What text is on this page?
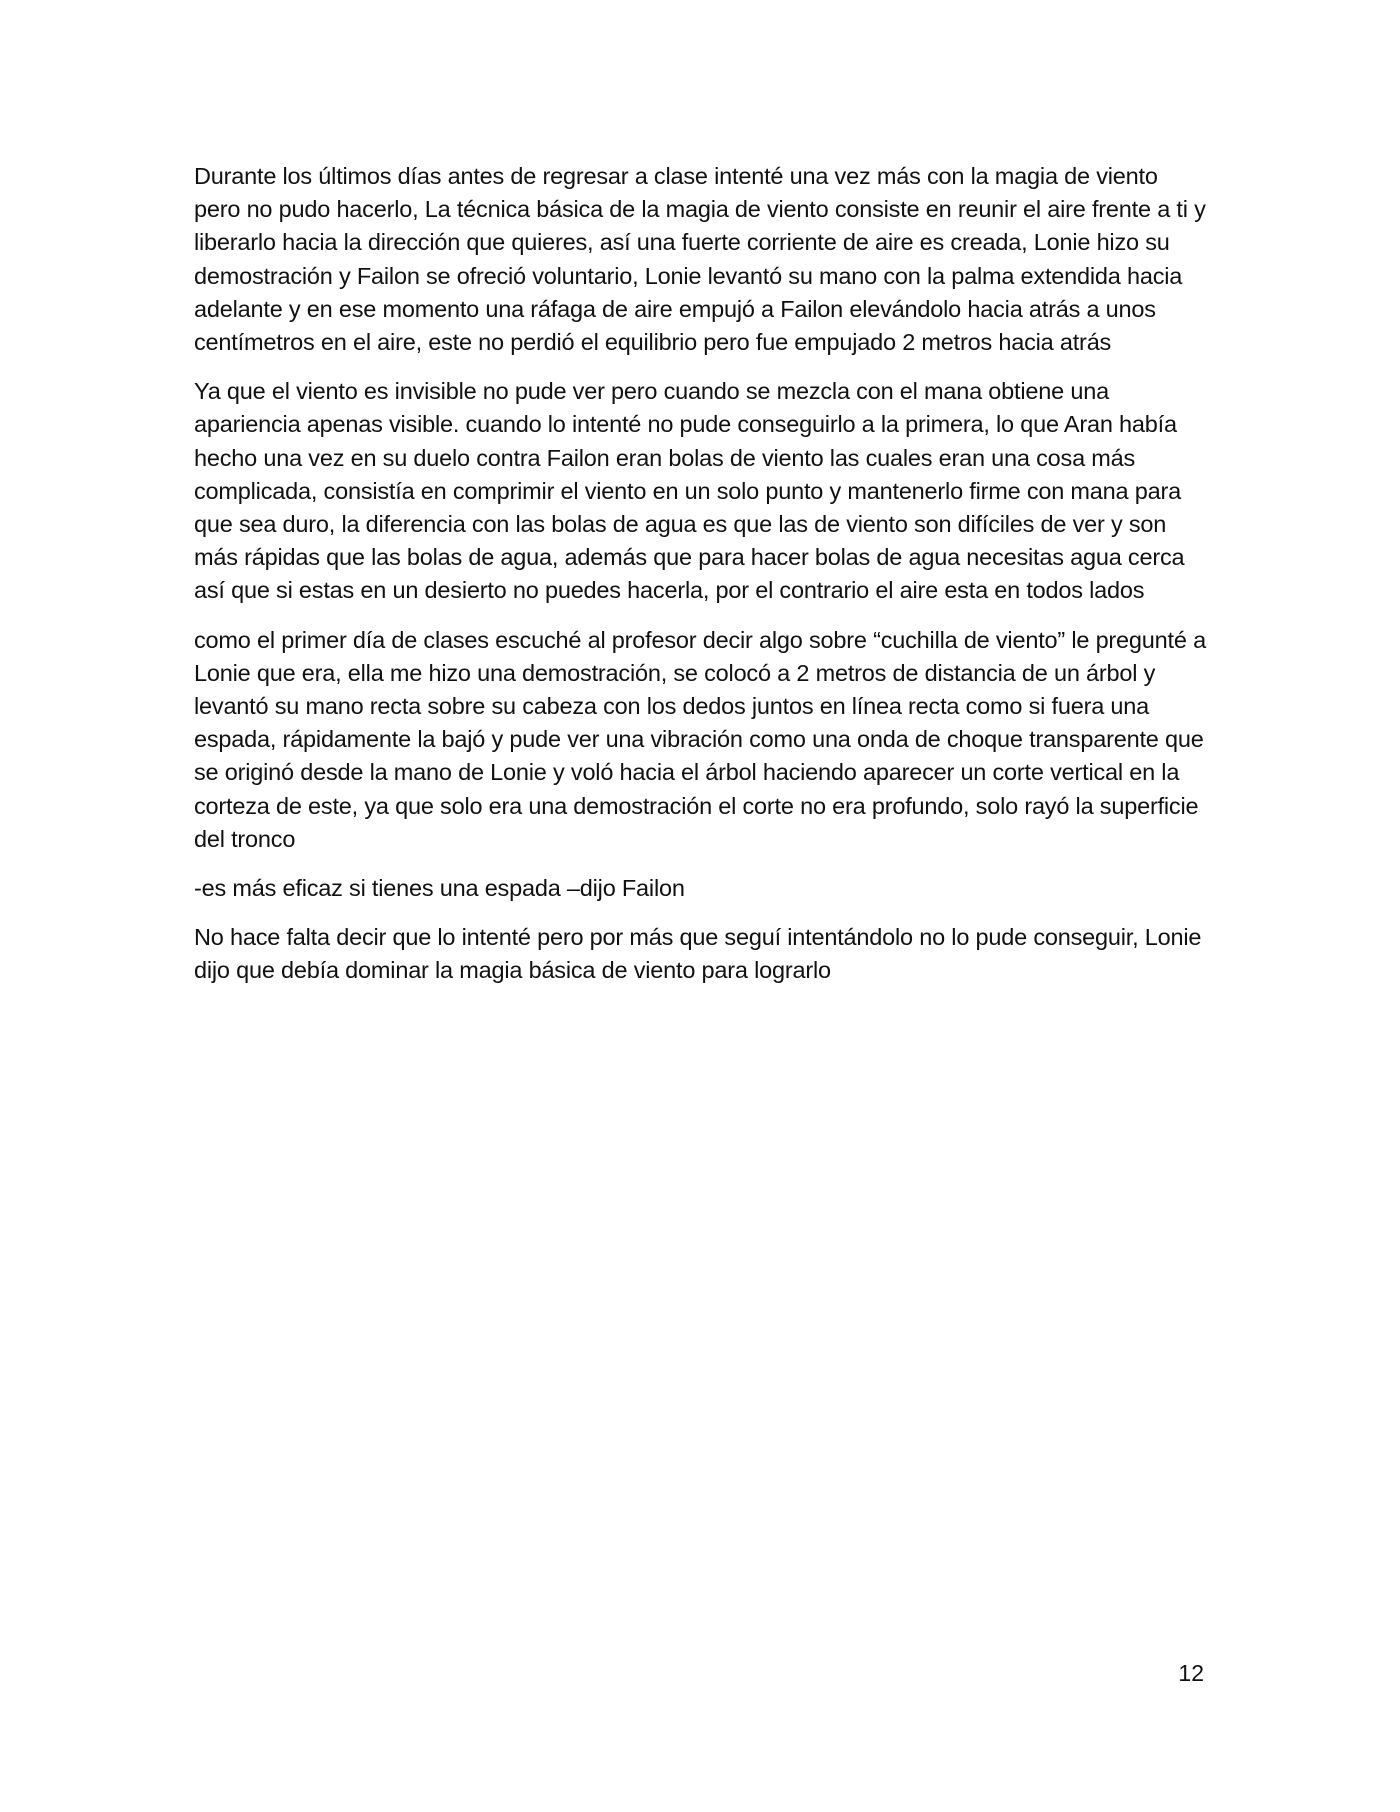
Durante los últimos días antes de regresar a clase intenté una vez más con la magia de viento pero no pudo hacerlo, La técnica básica de la magia de viento consiste en reunir el aire frente a ti y liberarlo hacia la dirección que quieres, así una fuerte corriente de aire es creada, Lonie hizo su demostración y Failon se ofreció voluntario, Lonie levantó su mano con la palma extendida hacia adelante y en ese momento una ráfaga de aire empujó a Failon elevándolo hacia atrás a unos centímetros en el aire, este no perdió el equilibrio pero fue empujado 2 metros hacia atrás

Ya que el viento es invisible no pude ver pero cuando se mezcla con el mana obtiene una apariencia apenas visible. cuando lo intenté no pude conseguirlo a la primera, lo que Aran había hecho una vez en su duelo contra Failon eran bolas de viento las cuales eran una cosa más complicada, consistía en comprimir el viento en un solo punto y mantenerlo firme con mana para que sea duro, la diferencia con las bolas de agua es que las de viento son difíciles de ver y son más rápidas que las bolas de agua, además que para hacer bolas de agua necesitas agua cerca así que si estas en un desierto no puedes hacerla, por el contrario el aire esta en todos lados

como el primer día de clases escuché al profesor decir algo sobre “cuchilla de viento” le pregunté a Lonie que era, ella me hizo una demostración, se colocó a 2 metros de distancia de un árbol y levantó su mano recta sobre su cabeza con los dedos juntos en línea recta como si fuera una espada, rápidamente la bajó y pude ver una vibración como una onda de choque transparente que se originó desde la mano de Lonie y voló hacia el árbol haciendo aparecer un corte vertical en la corteza de este, ya que solo era una demostración el corte no era profundo, solo rayó la superficie del tronco

-es más eficaz si tienes una espada –dijo Failon

No hace falta decir que lo intenté pero por más que seguí intentándolo no lo pude conseguir, Lonie dijo que debía dominar la magia básica de viento para lograrlo

12
